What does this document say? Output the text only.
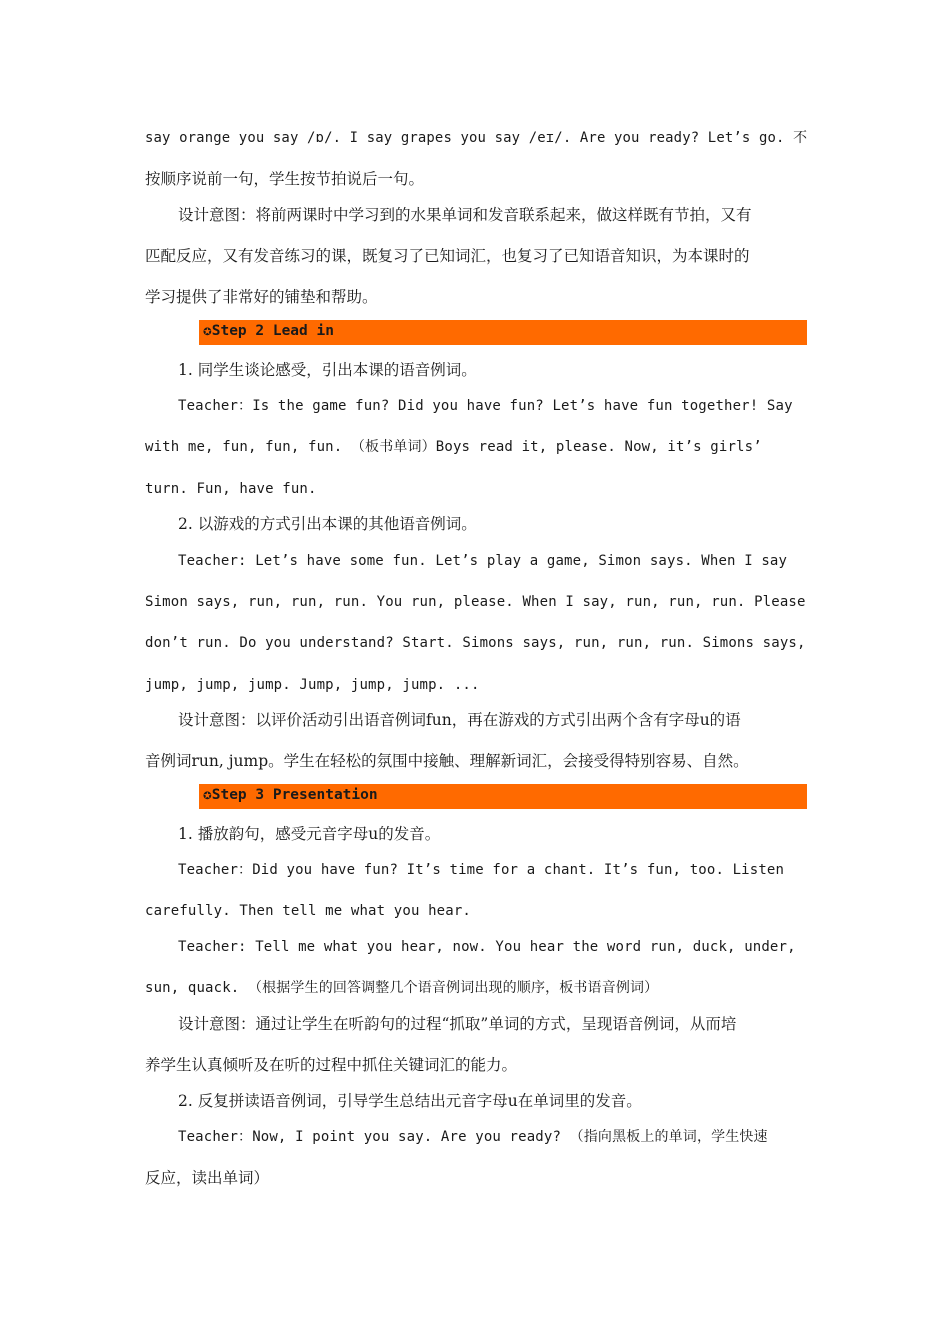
say orange you say /ɒ/. I say grapes you say /eɪ/. Are you ready? Let’s go. 不
按顺序说前一句，学生按节拍说后一句。
设计意图：将前两课时中学习到的水果单词和发音联系起来，做这样既有节拍，又有
匹配反应，又有发音练习的课，既复习了已知词汇，也复习了已知语音知识，为本课时的
学习提供了非常好的铺垫和帮助。
✪Step 2 Lead in
1. 同学生谈论感受，引出本课的语音例词。
Teacher：Is the game fun? Did you have fun? Let’s have fun together! Say
with me, fun, fun, fun. （板书单词）Boys read it, please. Now, it’s girls’
turn. Fun, have fun.
2. 以游戏的方式引出本课的其他语音例词。
Teacher: Let’s have some fun. Let’s play a game, Simon says. When I say
Simon says, run, run, run. You run, please. When I say, run, run, run. Please
don’t run. Do you understand? Start. Simons says, run, run, run. Simons says,
jump, jump, jump. Jump, jump, jump. ...
设计意图：以评价活动引出语音例词fun，再在游戏的方式引出两个含有字母u的语
音例词run, jump。学生在轻松的氛围中接触、理解新词汇，会接受得特别容易、自然。
✪Step 3 Presentation
1. 播放韵句，感受元音字母u的发音。
Teacher：Did you have fun? It’s time for a chant. It’s fun, too. Listen
carefully. Then tell me what you hear.
Teacher: Tell me what you hear, now. You hear the word run, duck, under,
sun, quack. （根据学生的回答调整几个语音例词出现的顺序，板书语音例词）
设计意图：通过让学生在听韵句的过程“抓取”单词的方式，呈现语音例词，从而培
养学生认真倾听及在听的过程中抓住关键词汇的能力。
2. 反复拼读语音例词，引导学生总结出元音字母u在单词里的发音。
Teacher：Now, I point you say. Are you ready? （指向黑板上的单词，学生快速
反应，读出单词）
